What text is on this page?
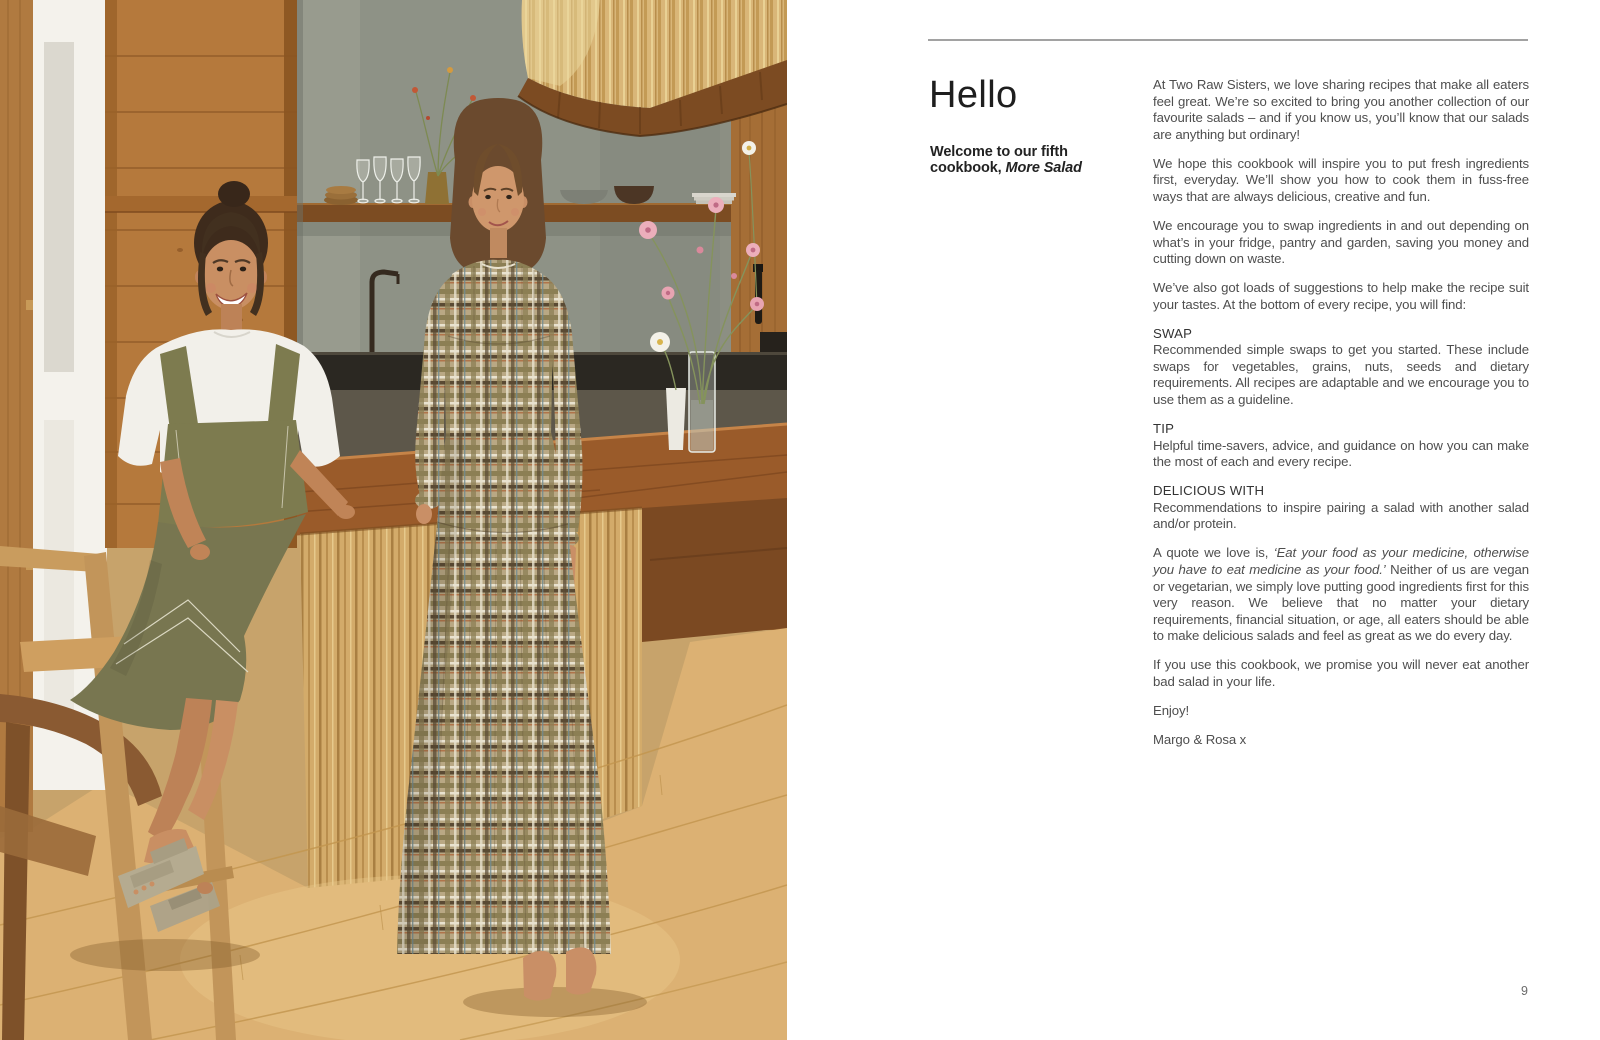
Hello

Welcome to our fifth
cookbook, More Salad

At Two Raw Sisters, we love sharing recipes that make all eaters feel great. We’re so excited to bring you another collection of our favourite salads – and if you know us, you’ll know that our salads are anything but ordinary!

We hope this cookbook will inspire you to put fresh ingredients first, everyday. We’ll show you how to cook them in fuss-free ways that are always delicious, creative and fun.

We encourage you to swap ingredients in and out depending on what’s in your fridge, pantry and garden, saving you money and cutting down on waste.

We’ve also got loads of suggestions to help make the recipe suit your tastes. At the bottom of every recipe, you will find:

SWAP

Recommended simple swaps to get you started. These include swaps for vegetables, grains, nuts, seeds and dietary requirements. All recipes are adaptable and we encourage you to use them as a guideline.

TIP

Helpful time-savers, advice, and guidance on how you can make the most of each and every recipe.

DELICIOUS WITH

Recommendations to inspire pairing a salad with another salad and/or protein.

A quote we love is, ‘Eat your food as your medicine, otherwise you have to eat medicine as your food.’ Neither of us are vegan or vegetarian, we simply love putting good ingredients first for this very reason. We believe that no matter your dietary requirements, financial situation, or age, all eaters should be able to make delicious salads and feel as great as we do every day.

If you use this cookbook, we promise you will never eat another bad salad in your life.

Enjoy!

Margo & Rosa x

9
